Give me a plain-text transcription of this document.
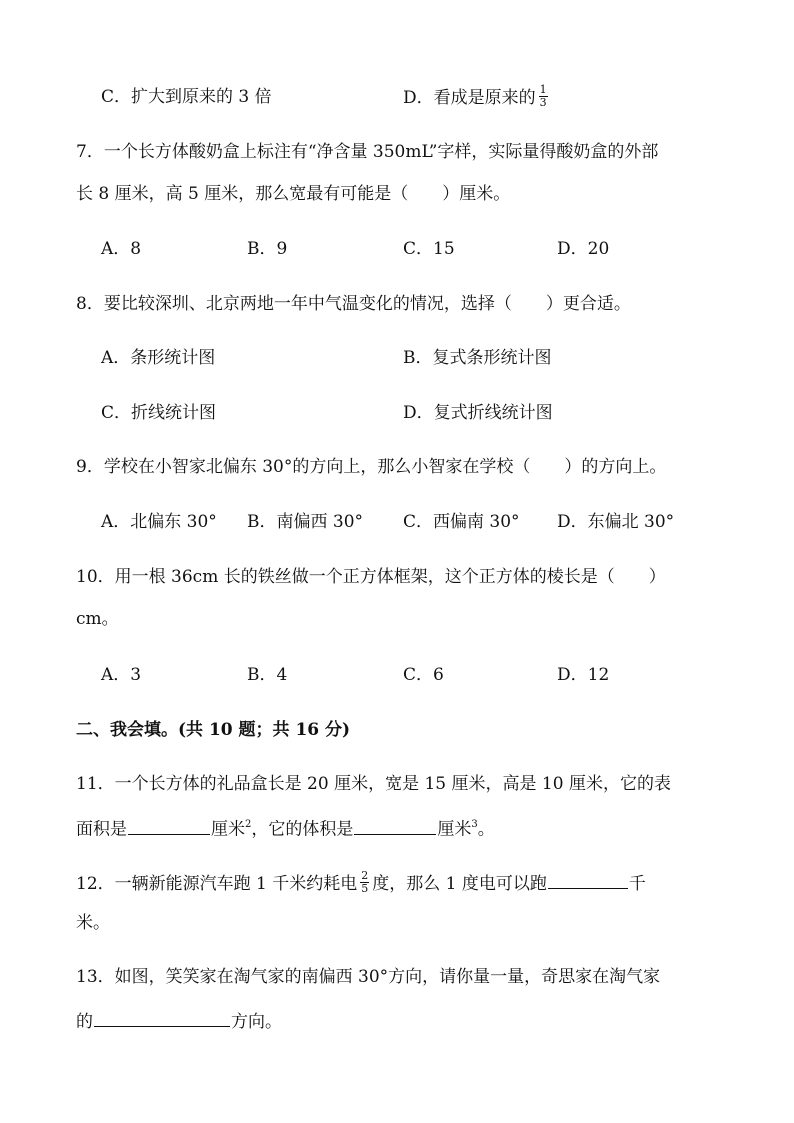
C．扩大到原来的 3 倍	D．看成是原来的 $\frac{1}{3}$
7．一个长方体酸奶盒上标注有“净含量 350mL”字样，实际量得酸奶盒的外部
长 8 厘米，高 5 厘米，那么宽最有可能是（　　）厘米。
A．8	B．9	C．15	D．20
8．要比较深圳、北京两地一年中气温变化的情况，选择（　　）更合适。
A．条形统计图	B．复式条形统计图
C．折线统计图	D．复式折线统计图
9．学校在小智家北偏东 30°的方向上，那么小智家在学校（　　）的方向上。
A．北偏东 30° B．南偏西 30° C．西偏南 30° D．东偏北 30°
10．用一根 36cm 长的铁丝做一个正方体框架，这个正方体的棱长是（　　）
cm。
A．3	B．4	C．6	D．12
二、我会填。(共 10 题；共 16 分)
11．一个长方体的礼品盒长是 20 厘米，宽是 15 厘米，高是 10 厘米，它的表
面积是	厘米$^2$，它的体积是	厘米$^3$。
12．一辆新能源汽车跑 1 千米约耗电 $\frac{2}{5}$ 度，那么 1 度电可以跑	千
米。
13．如图，笑笑家在淘气家的南偏西 30°方向，请你量一量，奇思家在淘气家
的	方向。
